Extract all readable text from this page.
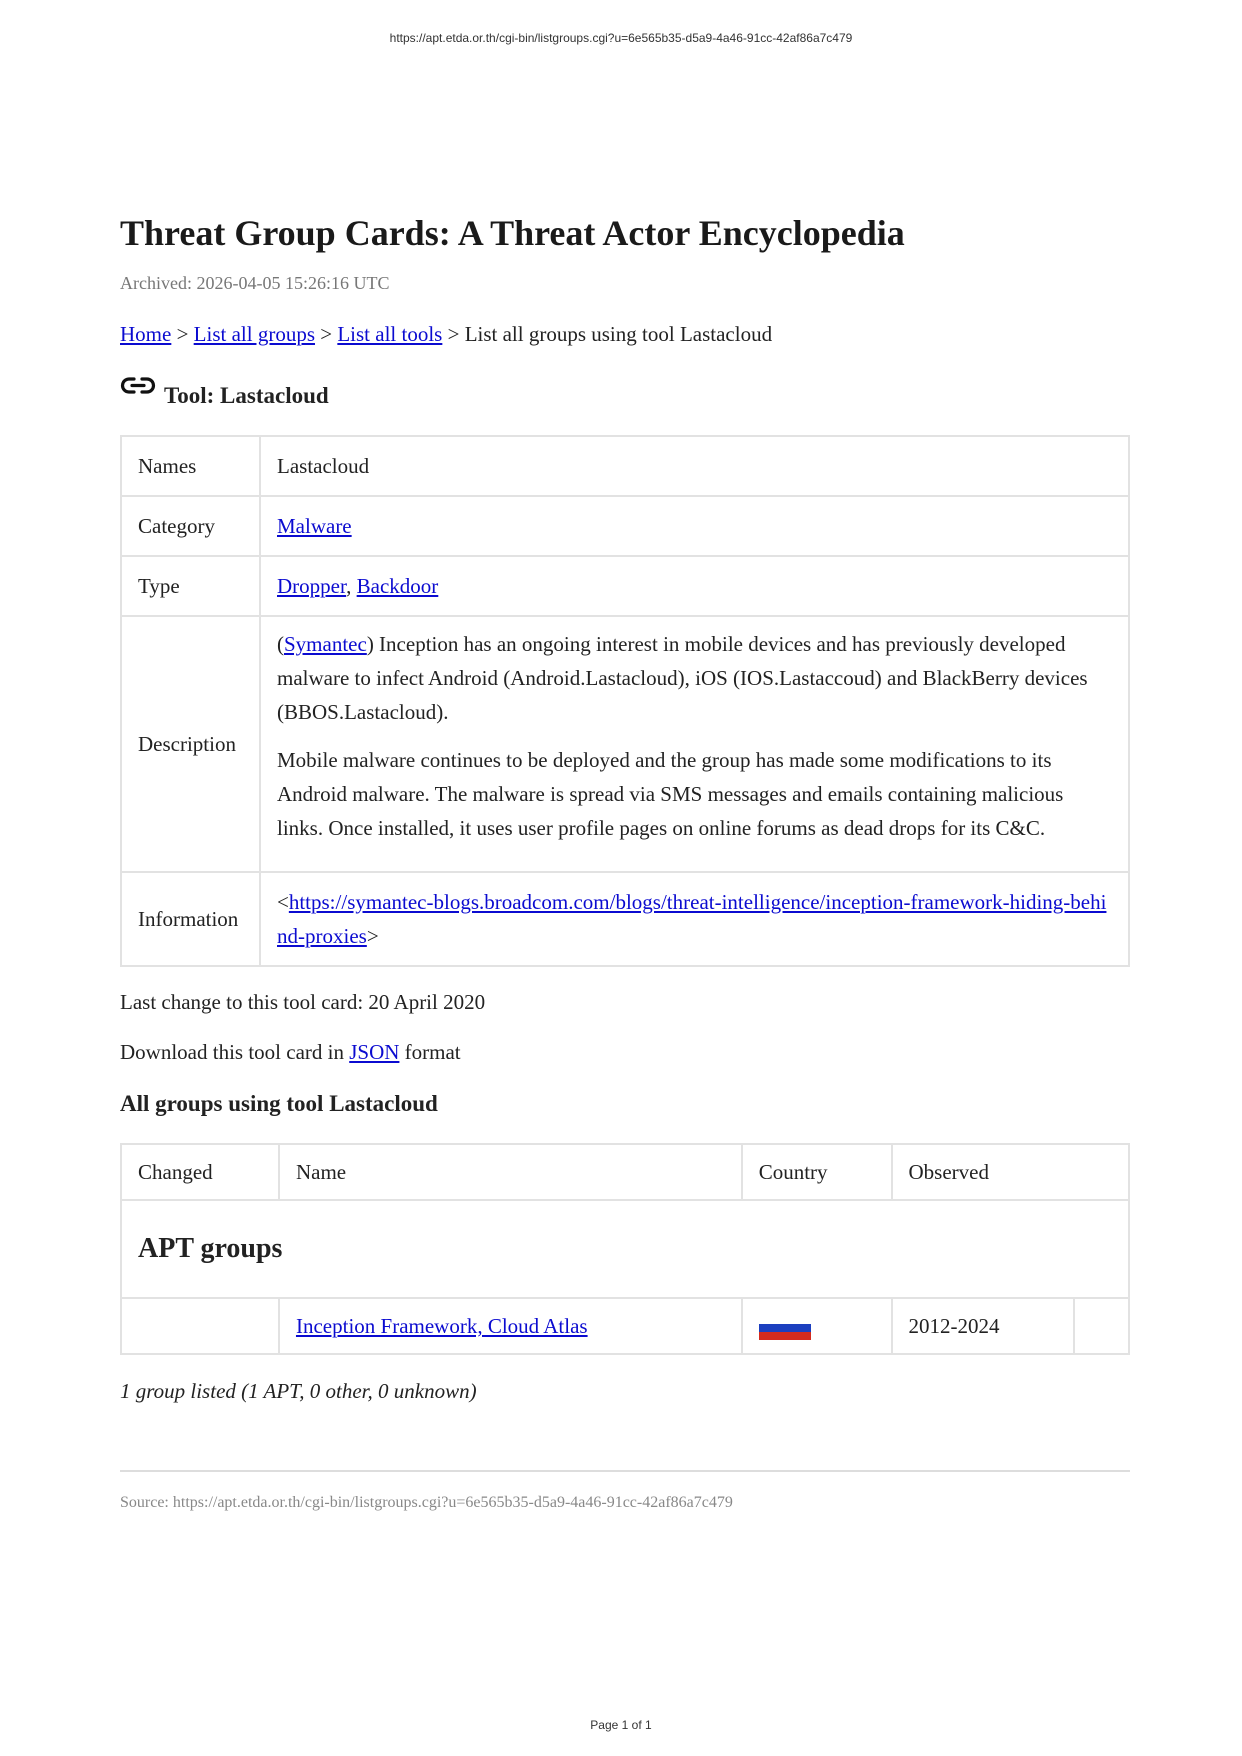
https://apt.etda.or.th/cgi-bin/listgroups.cgi?u=6e565b35-d5a9-4a46-91cc-42af86a7c479
Threat Group Cards: A Threat Actor Encyclopedia
Archived: 2026-04-05 15:26:16 UTC
Home > List all groups > List all tools > List all groups using tool Lastacloud
Tool: Lastacloud
Names	Lastacloud
Category	Malware
Type	Dropper, Backdoor
Description	(Symantec) Inception has an ongoing interest in mobile devices and has previously developed malware to infect Android (Android.Lastacloud), iOS (IOS.Lastaccoud) and BlackBerry devices (BBOS.Lastacloud).

Mobile malware continues to be deployed and the group has made some modifications to its Android malware. The malware is spread via SMS messages and emails containing malicious links. Once installed, it uses user profile pages on online forums as dead drops for its C&C.

Information	<https://symantec-blogs.broadcom.com/blogs/threat-intelligence/inception-framework-hiding-behind-proxies>
Last change to this tool card: 20 April 2020
Download this tool card in JSON format
All groups using tool Lastacloud
Changed	Name	Country	Observed	
APT groups				
	Inception Framework, Cloud Atlas		2012-2024	
1 group listed (1 APT, 0 other, 0 unknown)
Source: https://apt.etda.or.th/cgi-bin/listgroups.cgi?u=6e565b35-d5a9-4a46-91cc-42af86a7c479
Page 1 of 1
